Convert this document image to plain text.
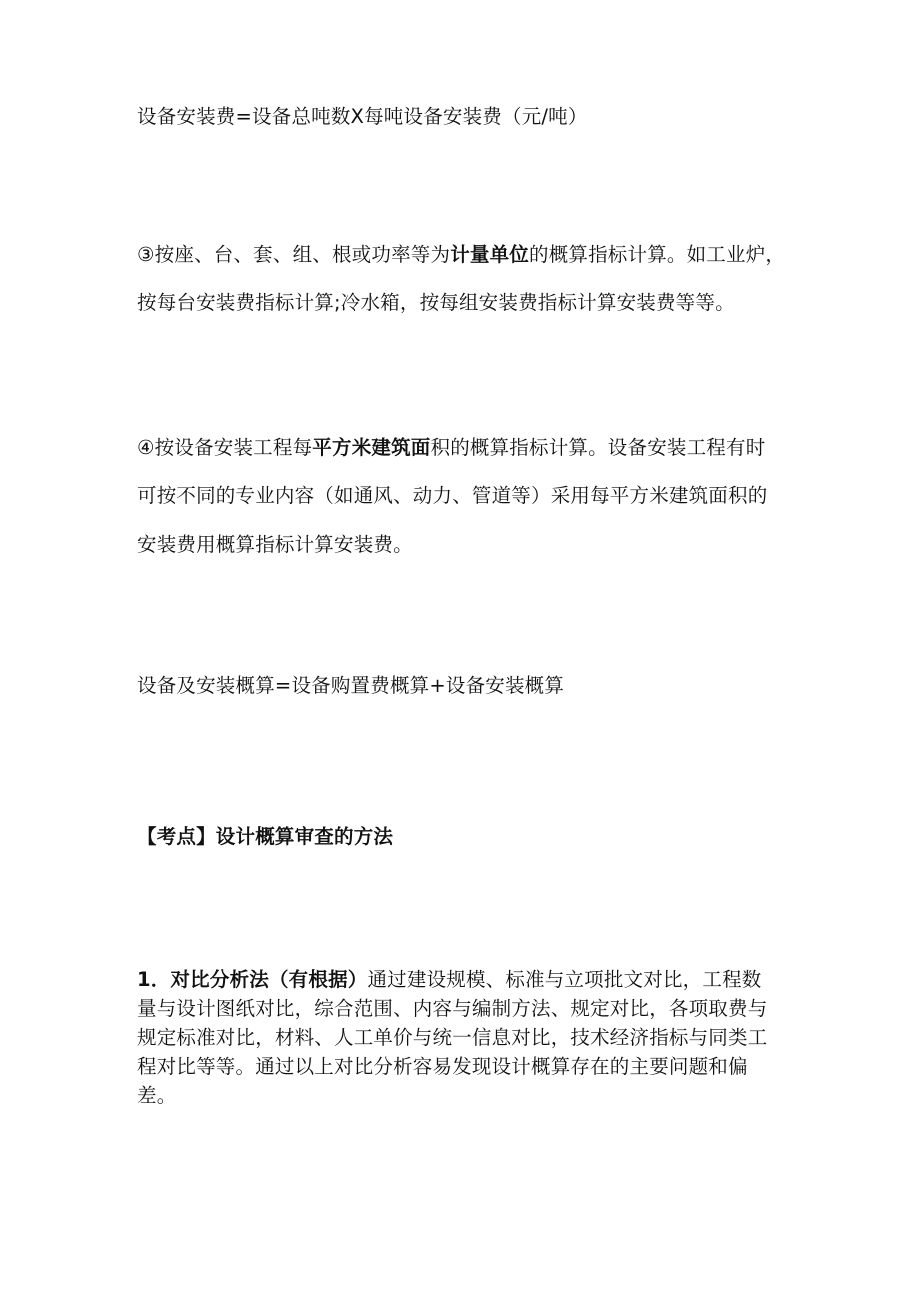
设备安装费=设备总吨数Ⅹ每吨设备安装费（元/吨）
③按座、台、套、组、根或功率等为计量单位的概算指标计算。如工业炉，
按每台安装费指标计算;冷水箱，按每组安装费指标计算安装费等等。
④按设备安装工程每平方米建筑面积的概算指标计算。设备安装工程有时
可按不同的专业内容（如通风、动力、管道等）采用每平方米建筑面积的
安装费用概算指标计算安装费。
设备及安装概算=设备购置费概算+设备安装概算
【考点】设计概算审查的方法
1．对比分析法（有根据）通过建设规模、标准与立项批文对比，工程数
量与设计图纸对比，综合范围、内容与编制方法、规定对比，各项取费与
规定标准对比，材料、人工单价与统一信息对比，技术经济指标与同类工
程对比等等。通过以上对比分析容易发现设计概算存在的主要问题和偏
差。
